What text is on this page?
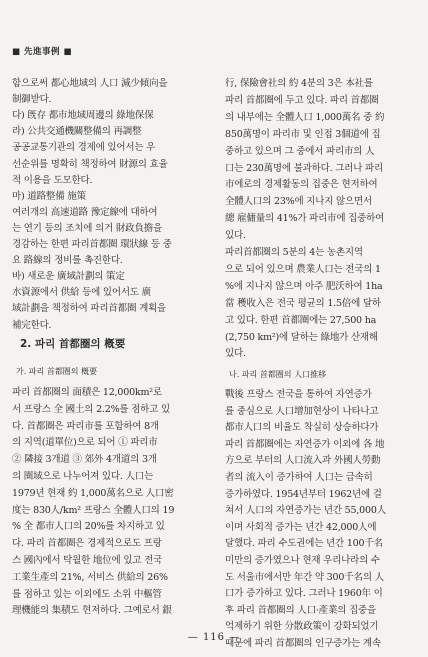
■ 先進事例 ■
함으로써 都心地域의 人口 減少傾向을
制御받다.
다) 旣存 都市地域周邊의 綠地保保
라) 公共交通機關整備의 再調整
공공교통기관의 경제에 있어서는 우
선순위를 명확히 책정하여 財源의 효율
적 이용을 도모한다.
마) 道路整備 施策
여러개의 高速道路 豫定線에 대하여
는 연기 등의 조치에 의거 財政負擔을
경감하는 한편 파리首都圈 環狀線 등 중
요 路線의 정비를 촉진한다.
바) 새로운 廣域計劃의 策定
水資源에서 供給 등에 있어서도 廣
域計劃을 책정하여 파리首都圈 계획을
補完한다.
2. 파리 首都圈의 槪要
가. 파리 首都圈의 槪要
파리 首都圈의 面積은 12,000km²로
서 프랑스 全 國土의 2.2%를 점하고 있
다. 首都圈은 파리市를 포함하여 8개
의 지역(道單位)으로 되어 ① 파리市
② 隣接 3개道 ③ 郊外 4개道의 3개
의 圈域으로 나누어져 있다. 人口는
1979년 현재 約 1,000萬名으로 人口密
度는 830人/km² 프랑스 全體人口의 19
% 全 都市人口의 20%를 차지하고 있
다. 파리 首都圈은 경제적으로도 프랑
스 國內에서 탁월한 地位에 있고 전국
工業生產의 21%, 서비스 供給의 26%
를 점하고 있는 이외에도 소위 中樞管
理機能의 集積도 현저하다. 그예로서 銀
行, 保險會社의 約 4분의 3은 本社를
파리 首都圈에 두고 있다. 파리 首都圈
의 내부에는 全體人口 1,000萬名 중 約
850萬명이 파리市 및 인접 3個道에 집
중하고 있으며 그 중에서 파리市의 人
口는 230萬명에 불과하다. 그러나 파리
市에로의 경제활동의 집중은 현저하여
全體人口의 23%에 지나지 않으면서
總 雇傭量의 41%가 파리市에 집중하여
있다.
파리首都圈의 5분의 4는 농촌지역
으로 되어 있으며 農業人口는 전국의 1
%에 지나지 않으며 아주 肥沃하여 1ha
當 穫收入은 전국 평균의 1.5倍에 달하
고 있다. 한편 首都圈에는 27,500 ha
(2,750 km²)에 달하는 綠地가 산재해
있다.
나. 파리 首都圈의 人口推移
戰後 프랑스 전국을 통하여 자연증가
를 중심으로 人口增加현상이 나타나고
都市人口의 비율도 착실히 상승하다가
파리 首都圈에는 자연증가 이외에 各 地
方으로 부터의 人口流入과 外國人勞動
者의 流入이 증가하여 人口는 급속히
증가하였다. 1954년부터 1962년에 걸
쳐서 人口의 자연증가는 년간 55,000人
이며 사회적 증가는 년간 42,000人에
달했다. 파리 수도권에는 년간 100千名
미만의 증가였으나 현재 우리나라의 수
도 서울市에서만 年간 약 300千名의 人
口가 증가하고 있다. 그러나 1960年 이
후 파리 首都圈의 人口·產業의 집중을
억제하기 위한 分散政策이 강화되었기
때문에 파리 首都圈의 인구증가는 계속
— 116 —
